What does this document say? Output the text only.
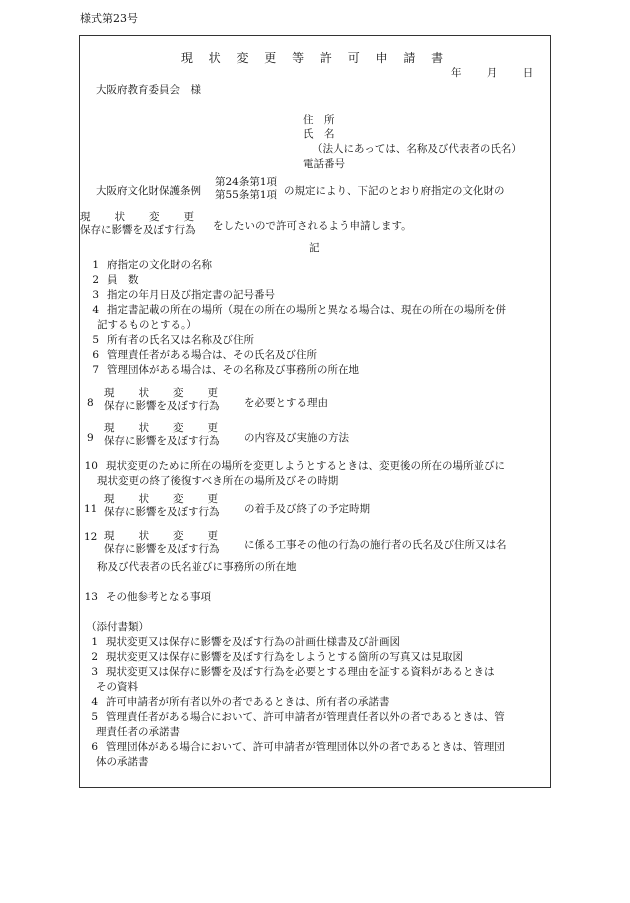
様式第23号
現 状 変 更 等 許 可 申 請 書
年 月 日
大阪府教育委員会　様
住　所
氏　名
（法人にあっては、名称及び代表者の氏名）
電話番号
大阪府文化財保護条例
第24条第1項
第55条第1項 の規定により、下記のとおり府指定の文化財の
現　　状　　変　　更
保存に影響を及ぼす行為 をしたいので許可されるよう申請します。
記
1 府指定の文化財の名称
2 員　数
3 指定の年月日及び指定書の記号番号
4 指定書記載の所在の場所（現在の所在の場所と異なる場合は、現在の所在の場所を併
記するものとする。）
5 所有者の氏名又は名称及び住所
6 管理責任者がある場合は、その氏名及び住所
7 管理団体がある場合は、その名称及び事務所の所在地
8
現　　状　　変　　更
保存に影響を及ぼす行為 を必要とする理由
9
現　　状　　変　　更
保存に影響を及ぼす行為 の内容及び実施の方法
10 現状変更のために所在の場所を変更しようとするときは、変更後の所在の場所並びに
現状変更の終了後復すべき所在の場所及びその時期
11
現　　状　　変　　更
保存に影響を及ぼす行為 の着手及び終了の予定時期
12 現　　状　　変　　更
保存に影響を及ぼす行為 に係る工事その他の行為の施行者の氏名及び住所又は名
称及び代表者の氏名並びに事務所の所在地
13 その他参考となる事項
（添付書類）
1 現状変更又は保存に影響を及ぼす行為の計画仕様書及び計画図
2 現状変更又は保存に影響を及ぼす行為をしようとする箇所の写真又は見取図
3 現状変更又は保存に影響を及ぼす行為を必要とする理由を証する資料があるときは
その資料
4 許可申請者が所有者以外の者であるときは、所有者の承諾書
5 管理責任者がある場合において、許可申請者が管理責任者以外の者であるときは、管
理責任者の承諾書
6 管理団体がある場合において、許可申請者が管理団体以外の者であるときは、管理団
体の承諾書
